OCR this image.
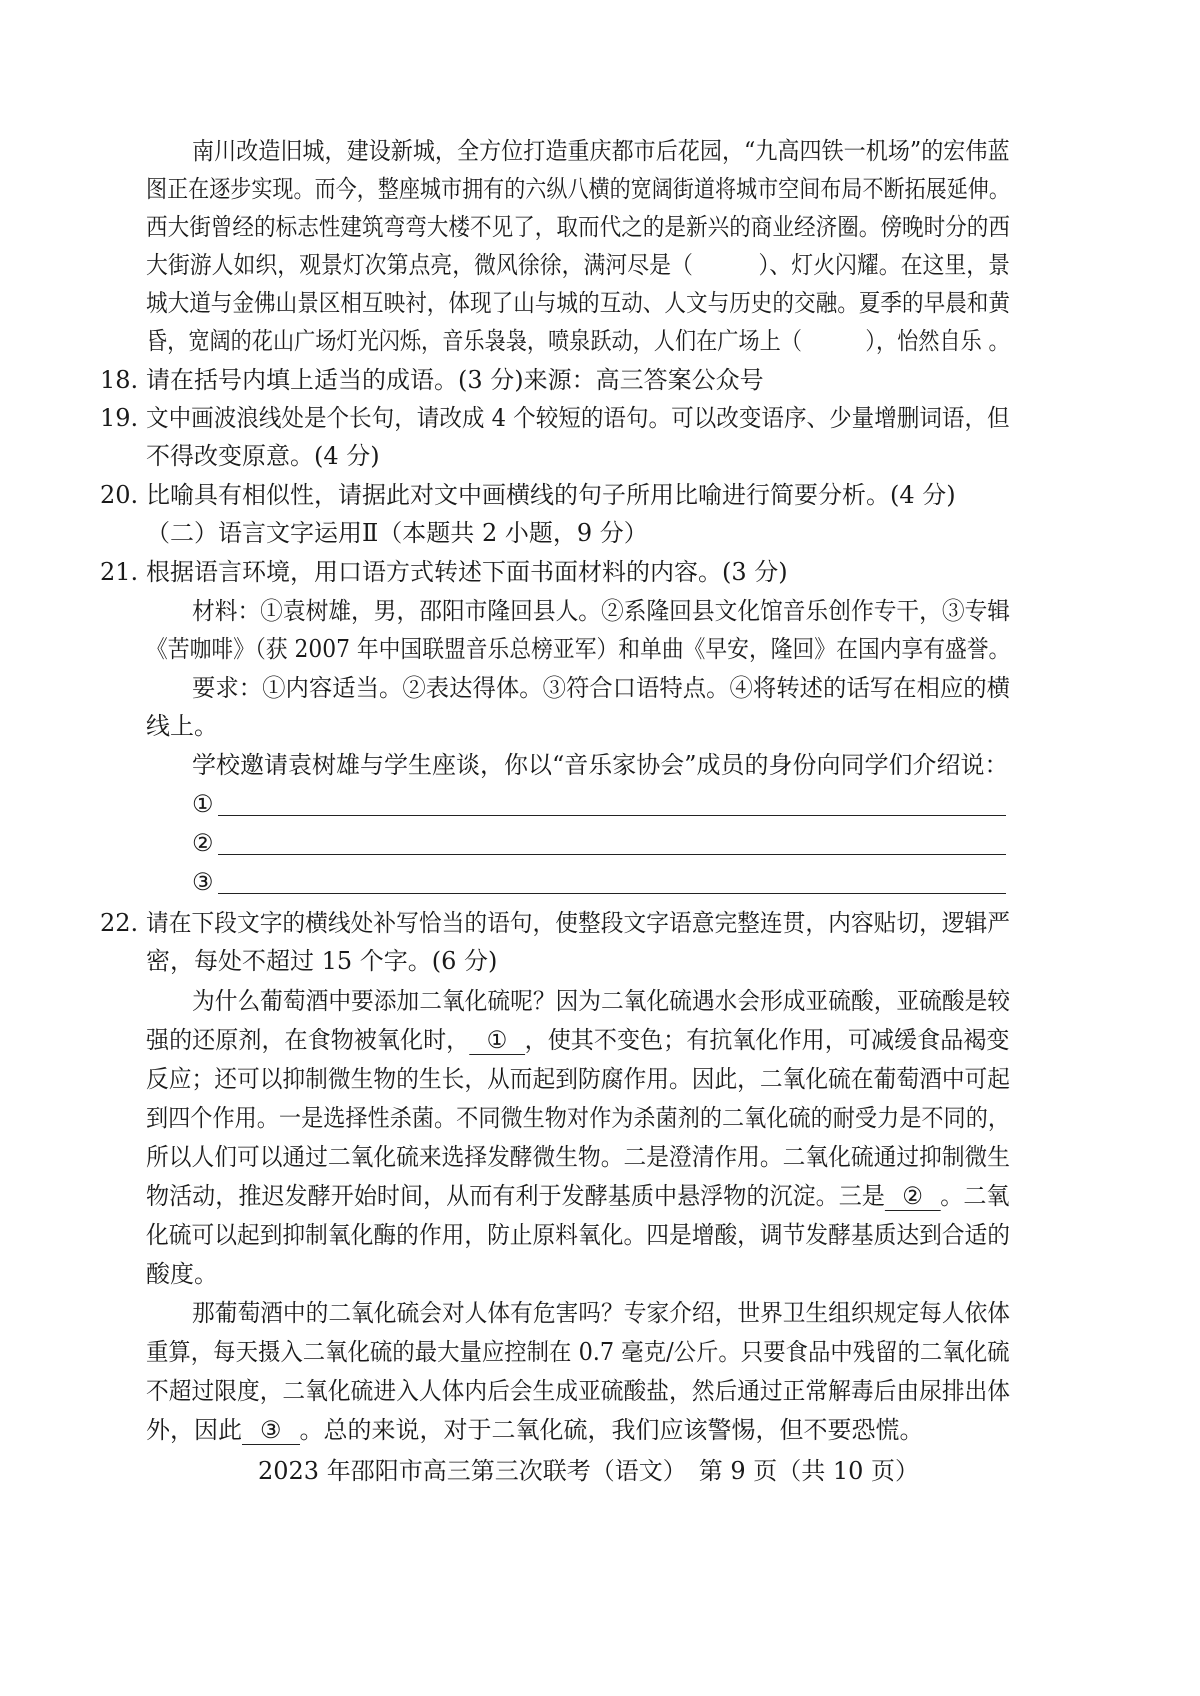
南川改造旧城，建设新城，全方位打造重庆都市后花园，“九高四铁一机场”的宏伟蓝
图正在逐步实现。而今，整座城市拥有的六纵八横的宽阔街道将城市空间布局不断拓展延伸。
西大街曾经的标志性建筑弯弯大楼不见了，取而代之的是新兴的商业经济圈。傍晚时分的西
大街游人如织，观景灯次第点亮，微风徐徐，满河尽是（　　　）、灯火闪耀。在这里，景
城大道与金佛山景区相互映衬，体现了山与城的互动、人文与历史的交融。夏季的早晨和黄
昏，宽阔的花山广场灯光闪烁，音乐袅袅，喷泉跃动，人们在广场上（　　　），怡然自乐 。
18. 请在括号内填上适当的成语。(3 分)来源：高三答案公众号
19. 文中画波浪线处是个长句，请改成 4 个较短的语句。可以改变语序、少量增删词语，但
不得改变原意。(4 分)
20. 比喻具有相似性，请据此对文中画横线的句子所用比喻进行简要分析。(4 分)
（二）语言文字运用Ⅱ（本题共 2 小题，9 分）
21. 根据语言环境，用口语方式转述下面书面材料的内容。(3 分)
材料：①袁树雄，男，邵阳市隆回县人。②系隆回县文化馆音乐创作专干，③专辑
《苦咖啡》（获 2007 年中国联盟音乐总榜亚军）和单曲《早安，隆回》在国内享有盛誉。
要求：①内容适当。②表达得体。③符合口语特点。④将转述的话写在相应的横
线上。
学校邀请袁树雄与学生座谈，你以“音乐家协会”成员的身份向同学们介绍说：
①
②
③
22. 请在下段文字的横线处补写恰当的语句，使整段文字语意完整连贯，内容贴切，逻辑严
密，每处不超过 15 个字。(6 分)
为什么葡萄酒中要添加二氧化硫呢？因为二氧化硫遇水会形成亚硫酸，亚硫酸是较
强的还原剂，在食物被氧化时， ① ，使其不变色；有抗氧化作用，可减缓食品褐变
反应；还可以抑制微生物的生长，从而起到防腐作用。因此，二氧化硫在葡萄酒中可起
到四个作用。一是选择性杀菌。不同微生物对作为杀菌剂的二氧化硫的耐受力是不同的，
所以人们可以通过二氧化硫来选择发酵微生物。二是澄清作用。二氧化硫通过抑制微生
物活动，推迟发酵开始时间，从而有利于发酵基质中悬浮物的沉淀。三是 ② 。二氧
化硫可以起到抑制氧化酶的作用，防止原料氧化。四是增酸，调节发酵基质达到合适的
酸度。
那葡萄酒中的二氧化硫会对人体有危害吗？专家介绍，世界卫生组织规定每人依体
重算，每天摄入二氧化硫的最大量应控制在 0.7 毫克/公斤。只要食品中残留的二氧化硫
不超过限度，二氧化硫进入人体内后会生成亚硫酸盐，然后通过正常解毒后由尿排出体
外，因此 ③ 。总的来说，对于二氧化硫，我们应该警惕，但不要恐慌。
2023 年邵阳市高三第三次联考（语文）　第 9 页（共 10 页）
